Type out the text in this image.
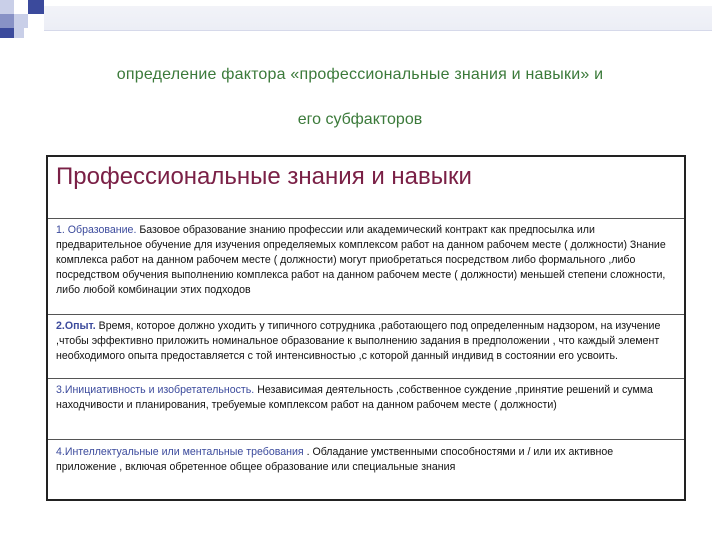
определение фактора «профессиональные знания и навыки» и
его субфакторов
Профессиональные знания и навыки
1. Образование. Базовое образование знанию профессии или академический контракт как предпосылка или предварительное обучение для изучения определяемых комплексом работ на данном рабочем месте ( должности) Знание комплекса работ на данном рабочем месте ( должности) могут приобретаться посредством либо формального ,либо посредством обучения выполнению комплекса работ на данном рабочем месте ( должности) меньшей степени сложности, либо любой комбинации этих подходов
2.Опыт. Время, которое должно уходить у типичного сотрудника ,работающего под определенным надзором, на изучение ,чтобы эффективно приложить номинальное образование к выполнению задания в предположении , что каждый элемент необходимого опыта предоставляется с той интенсивностью ,с которой данный индивид в состоянии его усвоить.
3.Инициативность и изобретательность. Независимая деятельность ,собственное суждение ,принятие решений и сумма находчивости и планирования, требуемые комплексом работ на данном рабочем месте ( должности)
4.Интеллектуальные или ментальные требования . Обладание умственными способностями и / или их активное приложение , включая обретенное общее образование или специальные знания
